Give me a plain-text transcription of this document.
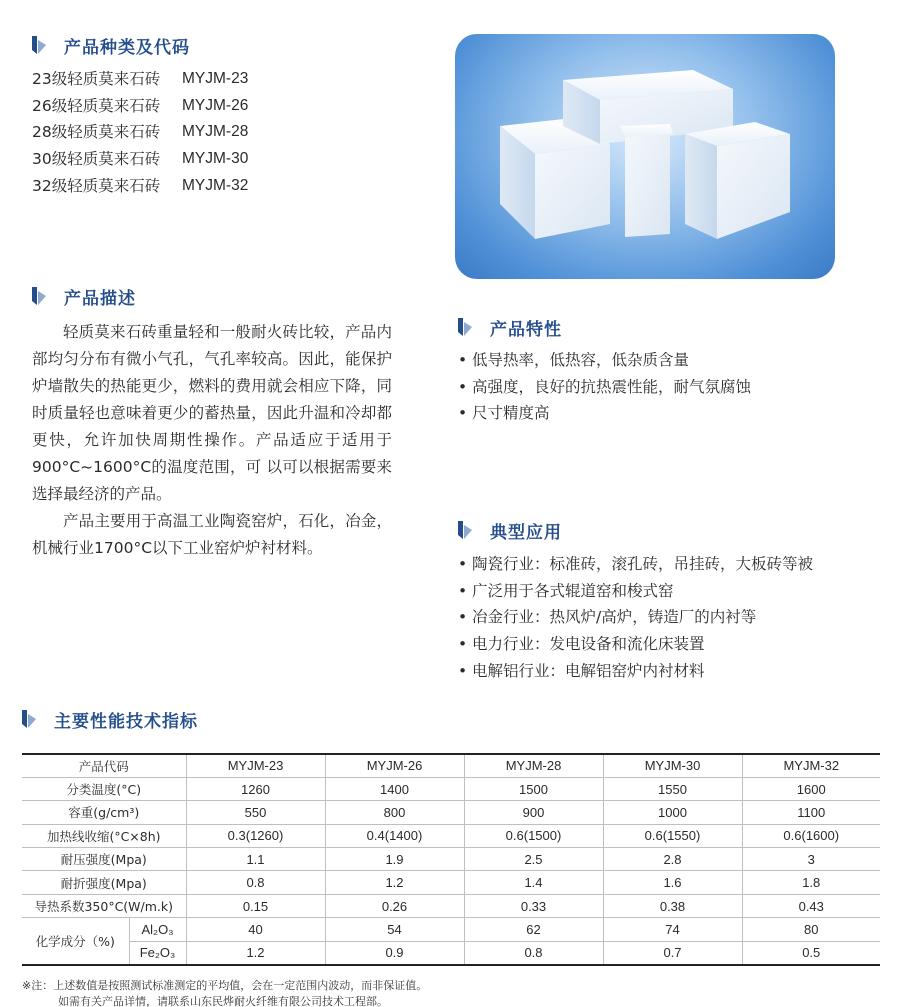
产品种类及代码
23级轻质莫来石砖	MYJM-23
26级轻质莫来石砖	MYJM-26
28级轻质莫来石砖	MYJM-28
30级轻质莫来石砖	MYJM-30
32级轻质莫来石砖	MYJM-32
产品描述

轻质莫来石砖重量轻和一般耐火砖比较，产品内部均匀分布有微小气孔，气孔率较高。因此，能保护炉墙散失的热能更少，燃料的费用就会相应下降，同时质量轻也意味着更少的蓄热量，因此升温和冷却都更快，允许加快周期性操作。产品适应于适用于900°C~1600°C的温度范围，可 以可以根据需要来选择最经济的产品。

产品主要用于高温工业陶瓷窑炉，石化，冶金，机械行业1700°C以下工业窑炉炉衬材料。

产品特性
• 低导热率，低热容，低杂质含量
• 高强度，良好的抗热震性能，耐气氛腐蚀
• 尺寸精度高
典型应用
• 陶瓷行业：标准砖，滚孔砖，吊挂砖，大板砖等被
• 广泛用于各式辊道窑和梭式窑
• 冶金行业：热风炉/高炉，铸造厂的内衬等
• 电力行业：发电设备和流化床装置
• 电解铝行业：电解铝窑炉内衬材料
主要性能技术指标
产品代码		MYJM-23	MYJM-26	MYJM-28	MYJM-30	MYJM-32
分类温度(°C)		1260	1400	1500	1550	1600
容重(g/cm³)		550	800	900	1000	1100
加热线收缩(°C×8h)		0.3(1260)	0.4(1400)	0.6(1500)	0.6(1550)	0.6(1600)
耐压强度(Mpa)		1.1	1.9	2.5	2.8	3
耐折强度(Mpa)		0.8	1.2	1.4	1.6	1.8
导热系数350°C(W/m.k)		0.15	0.26	0.33	0.38	0.43
化学成分（%)	Al₂O₃	40	54	62	74	80
	Fe₂O₃	1.2	0.9	0.8	0.7	0.5
※注：上述数值是按照测试标准测定的平均值，会在一定范围内波动，而非保证值。
如需有关产品详情，请联系山东民烨耐火纤维有限公司技术工程部。
